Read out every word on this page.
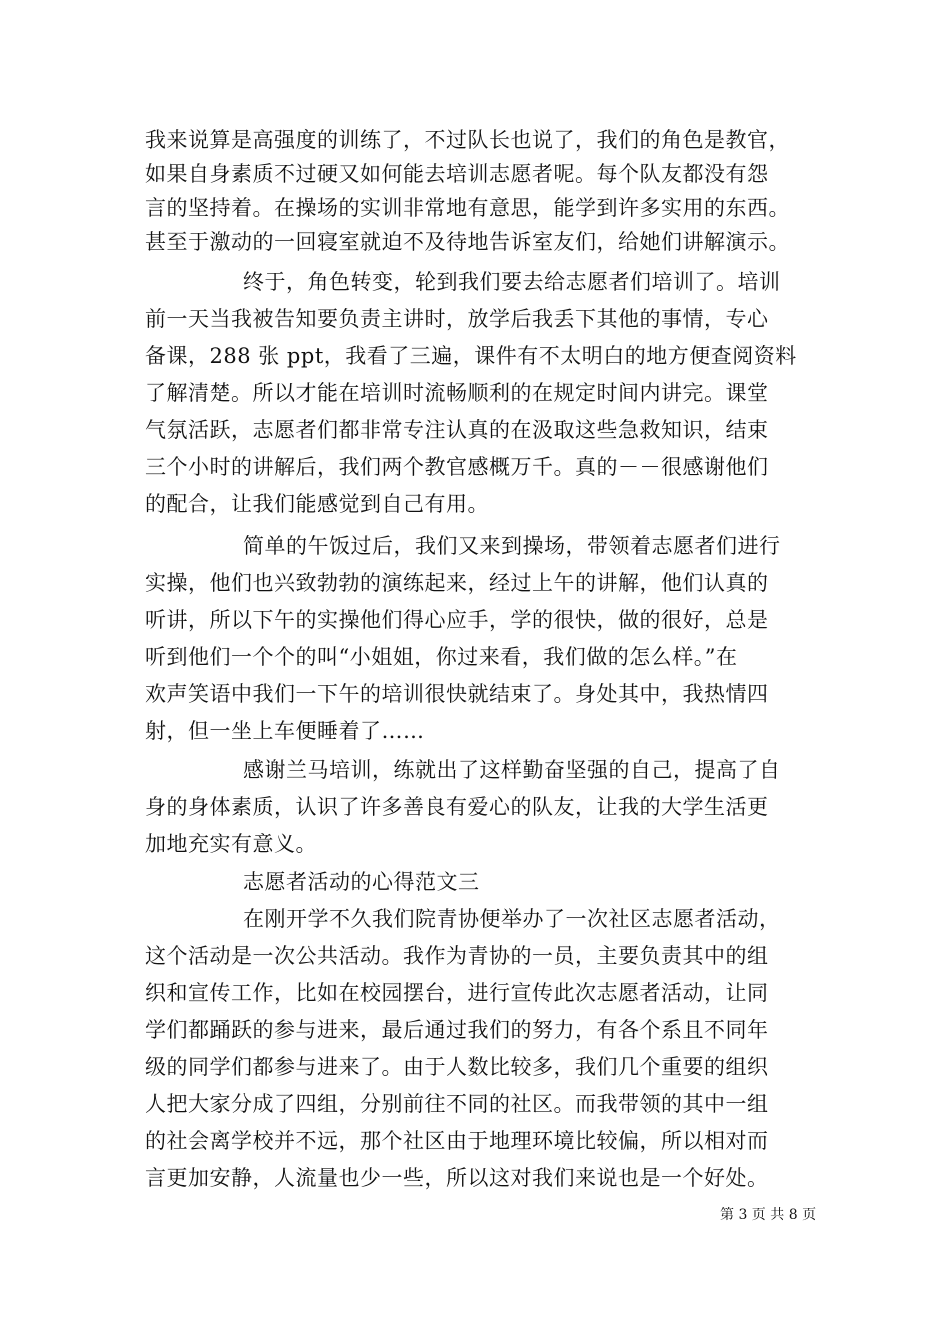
我来说算是高强度的训练了，不过队长也说了，我们的角色是教官，
如果自身素质不过硬又如何能去培训志愿者呢。每个队友都没有怨
言的坚持着。在操场的实训非常地有意思，能学到许多实用的东西。
甚至于激动的一回寝室就迫不及待地告诉室友们，给她们讲解演示。
终于，角色转变，轮到我们要去给志愿者们培训了。培训
前一天当我被告知要负责主讲时，放学后我丢下其他的事情，专心
备课，288 张 ppt，我看了三遍，课件有不太明白的地方便查阅资料
了解清楚。所以才能在培训时流畅顺利的在规定时间内讲完。课堂
气氛活跃，志愿者们都非常专注认真的在汲取这些急救知识，结束
三个小时的讲解后，我们两个教官感概万千。真的－－很感谢他们
的配合，让我们能感觉到自己有用。
简单的午饭过后，我们又来到操场，带领着志愿者们进行
实操，他们也兴致勃勃的演练起来，经过上午的讲解，他们认真的
听讲，所以下午的实操他们得心应手，学的很快，做的很好，总是
听到他们一个个的叫“小姐姐，你过来看，我们做的怎么样。”在
欢声笑语中我们一下午的培训很快就结束了。身处其中，我热情四
射，但一坐上车便睡着了……
感谢兰马培训，练就出了这样勤奋坚强的自己，提高了自
身的身体素质，认识了许多善良有爱心的队友，让我的大学生活更
加地充实有意义。
志愿者活动的心得范文三
在刚开学不久我们院青协便举办了一次社区志愿者活动，
这个活动是一次公共活动。我作为青协的一员，主要负责其中的组
织和宣传工作，比如在校园摆台，进行宣传此次志愿者活动，让同
学们都踊跃的参与进来，最后通过我们的努力，有各个系且不同年
级的同学们都参与进来了。由于人数比较多，我们几个重要的组织
人把大家分成了四组，分别前往不同的社区。而我带领的其中一组
的社会离学校并不远，那个社区由于地理环境比较偏，所以相对而
言更加安静，人流量也少一些，所以这对我们来说也是一个好处。
第 3 页 共 8 页
